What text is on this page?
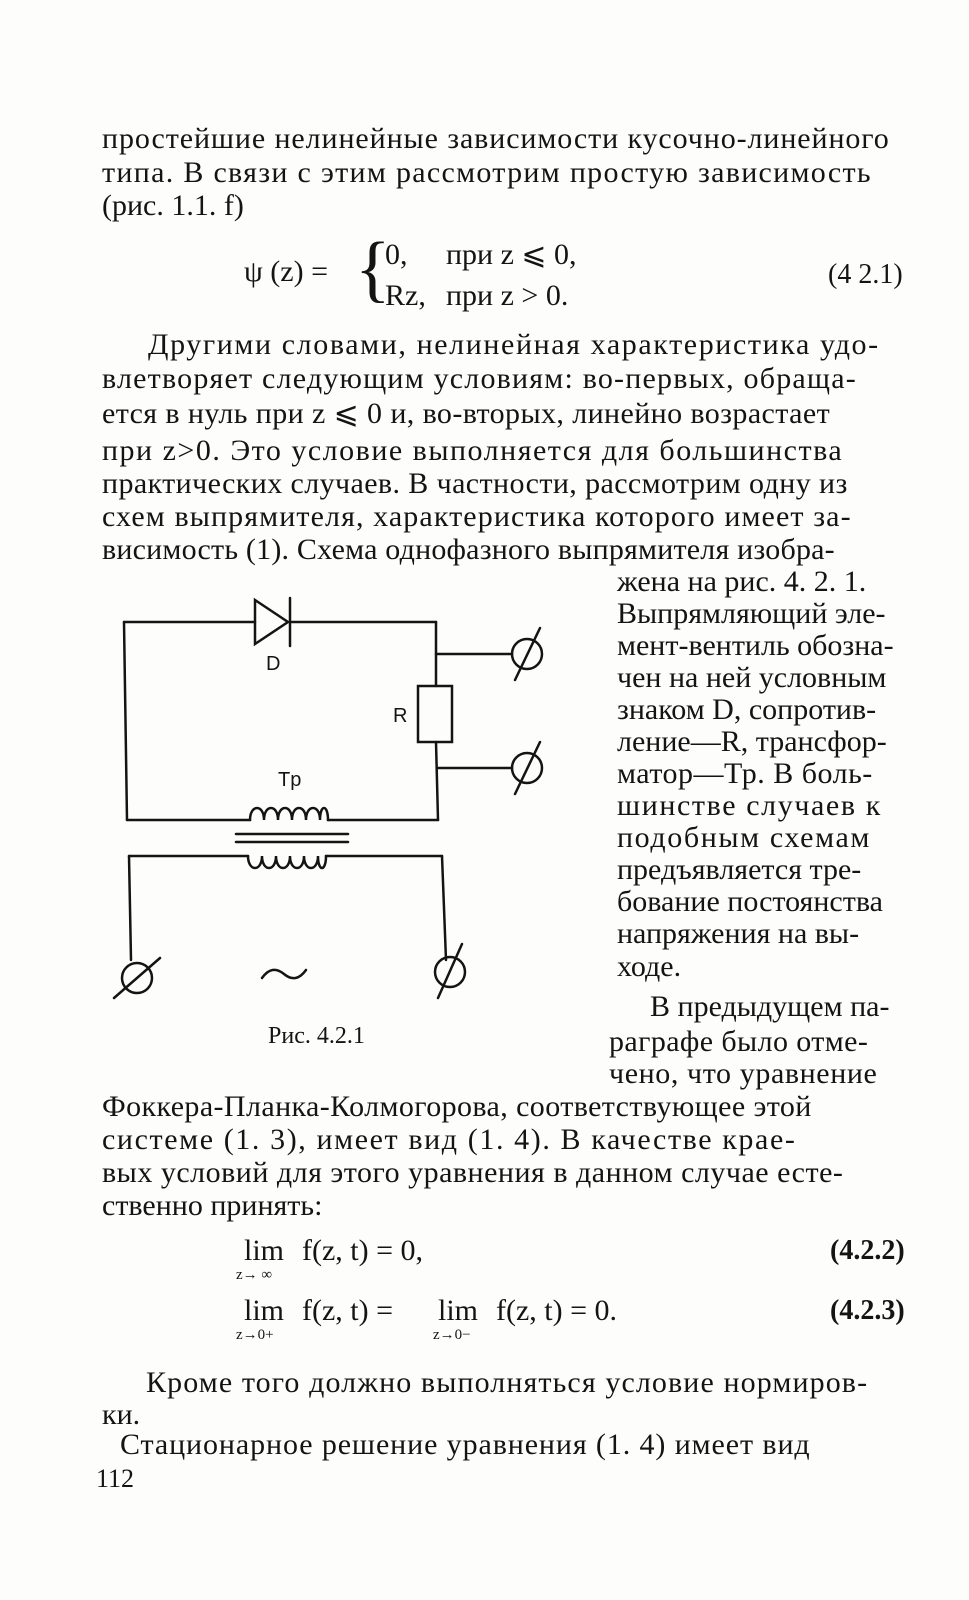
простейшие нелинейные зависимости кусочно-линейного
типа. В связи с этим рассмотрим простую зависимость
(рис. 1.1. f)
ψ (z) = {
0, при z ⩽ 0,
Rz, при z > 0.
(4 2.1)
Другими словами, нелинейная характеристика удо-
влетворяет следующим условиям: во-первых, обраща-
ется в нуль при z ⩽ 0 и, во-вторых, линейно возрастает
при z>0. Это условие выполняется для большинства
практических случаев. В частности, рассмотрим одну из
схем выпрямителя, характеристика которого имеет за-
висимость (1). Схема однофазного выпрямителя изобра-
жена на рис. 4. 2. 1.
Выпрямляющий эле-
мент-вентиль обозна-
чен на ней условным
знаком D, сопротив-
ление—R, трансфор-
матор—Тр. В боль-
шинстве случаев к
подобным схемам
предъявляется тре-
бование постоянства
напряжения на вы-
ходе.
В предыдущем па-
раграфе было отме-
чено, что уравнение
D
R
Tp
Рис. 4.2.1
Фоккера-Планка-Колмогорова, соответствующее этой
системе (1. 3), имеет вид (1. 4). В качестве крае-
вых условий для этого уравнения в данном случае есте-
ственно принять:
lim
z→ ∞
f(z, t) = 0,	(4.2.2)
lim
z→0+
f(z, t) = lim
z→0−
f(z, t) = 0.	(4.2.3)
Кроме того должно выполняться условие нормиров-
ки.
Стационарное решение уравнения (1. 4) имеет вид
112
